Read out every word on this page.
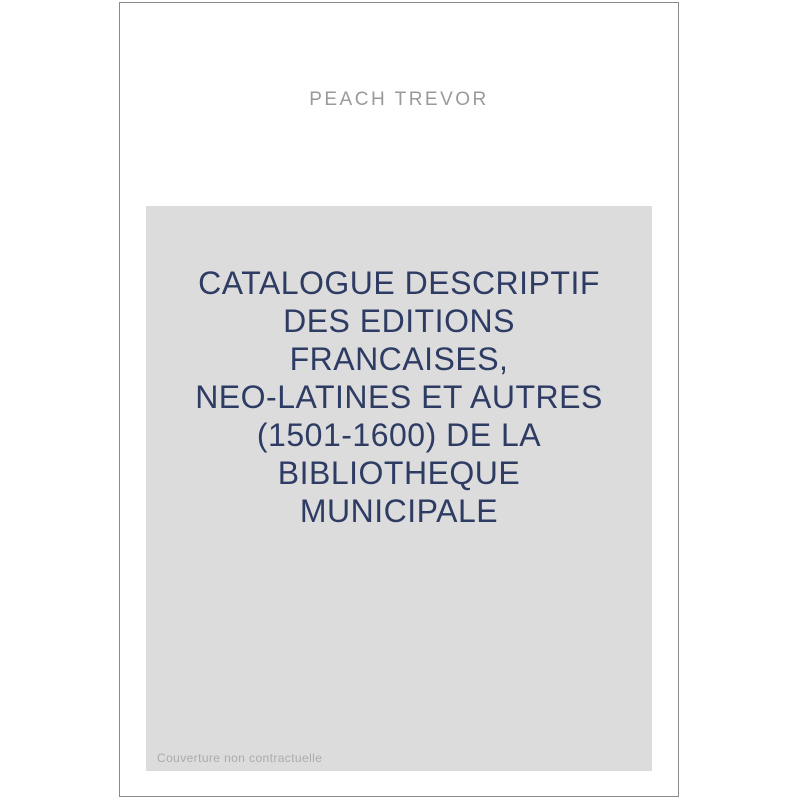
PEACH TREVOR
CATALOGUE DESCRIPTIF
DES EDITIONS
FRANCAISES,
NEO-LATINES ET AUTRES
(1501-1600) DE LA
BIBLIOTHEQUE
MUNICIPALE
Couverture non contractuelle
